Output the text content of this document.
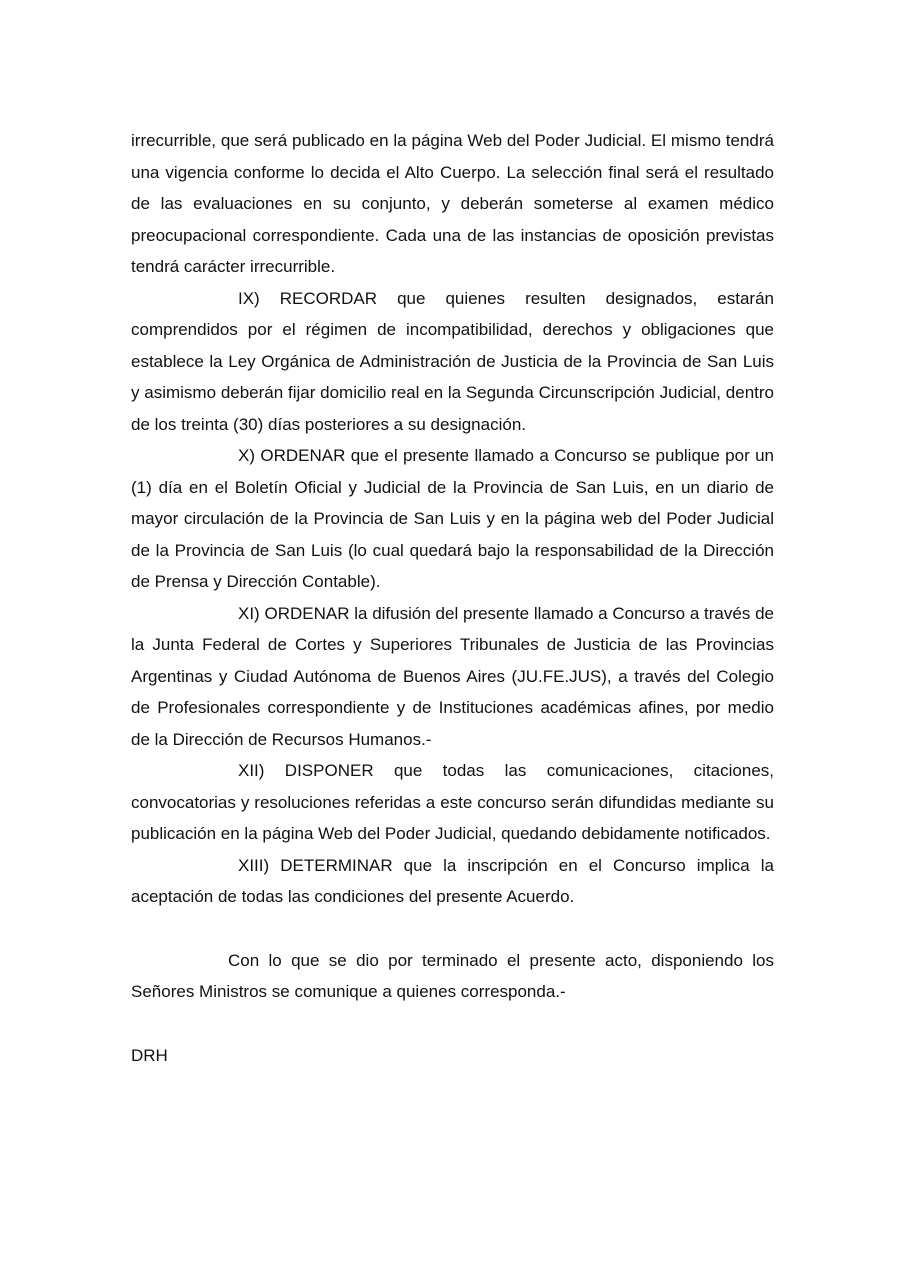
irrecurrible, que será publicado en la página Web del Poder Judicial. El mismo tendrá una vigencia conforme lo decida el Alto Cuerpo. La selección final será el resultado de las evaluaciones en su conjunto, y deberán someterse al examen médico preocupacional correspondiente. Cada una de las instancias de oposición previstas tendrá carácter irrecurrible.

IX) RECORDAR que quienes resulten designados, estarán comprendidos por el régimen de incompatibilidad, derechos y obligaciones que establece la Ley Orgánica de Administración de Justicia de la Provincia de San Luis y asimismo deberán fijar domicilio real en la Segunda Circunscripción Judicial, dentro de los treinta (30) días posteriores a su designación.

X) ORDENAR que el presente llamado a Concurso se publique por un (1) día en el Boletín Oficial y Judicial de la Provincia de San Luis, en un diario de mayor circulación de la Provincia de San Luis y en la página web del Poder Judicial de la Provincia de San Luis (lo cual quedará bajo la responsabilidad de la Dirección de Prensa y Dirección Contable).

XI) ORDENAR la difusión del presente llamado a Concurso a través de la Junta Federal de Cortes y Superiores Tribunales de Justicia de las Provincias Argentinas y Ciudad Autónoma de Buenos Aires (JU.FE.JUS), a través del Colegio de Profesionales correspondiente y de Instituciones académicas afines, por medio de la Dirección de Recursos Humanos.-

XII) DISPONER que todas las comunicaciones, citaciones, convocatorias y resoluciones referidas a este concurso serán difundidas mediante su publicación en la página Web del Poder Judicial, quedando debidamente notificados.

XIII) DETERMINAR que la inscripción en el Concurso implica la aceptación de todas las condiciones del presente Acuerdo.

Con lo que se dio por terminado el presente acto, disponiendo los Señores Ministros se comunique a quienes corresponda.-

DRH
